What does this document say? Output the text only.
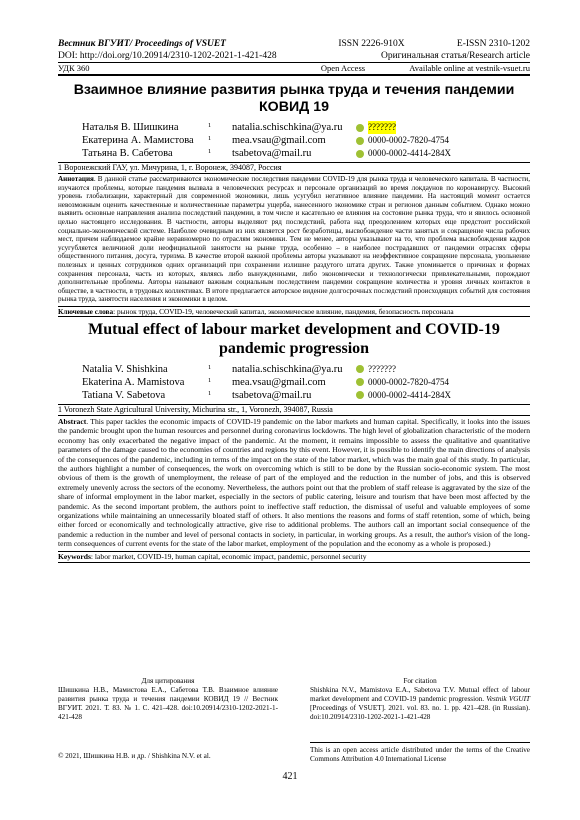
Вестник ВГУИТ/ Proceedings of VSUET	ISSN 2226-910X	E-ISSN 2310-1202
DOI: http://doi.org/10.20914/2310-1202-2021-1-421-428	Оригинальная статья/Research article
УДК 360	Open Access	Available online at vestnik-vsuet.ru
Взаимное влияние развития рынка труда и течения пандемии КОВИД 19
Наталья В. Шишкина	1	natalia.schischkina@ya.ru	???????
Екатерина А. Мамистова	1	mea.vsau@gmail.com	0000-0002-7820-4754
Татьяна В. Сабетова	1	tsabetova@mail.ru	0000-0002-4414-284X
1 Воронежский ГАУ, ул. Мичурина, 1, г. Воронеж, 394087, Россия
Аннотация. В данной статье рассматриваются экономические последствия пандемии COVID-19 для рынка труда и человеческого капитала. В частности, изучаются проблемы, которые пандемия вызвала в человеческих ресурсах и персонале организаций во время локдаунов по коронавирусу. Высокий уровень глобализации, характерный для современной экономики, лишь усугубил негативное влияние пандемии. На настоящий момент остается невозможным оценить качественные и количественные параметры ущерба, нанесенного экономике стран и регионов данным событием. Однако можно выявить основные направления анализа последствий пандемии, в том числе и касательно ее влияния на состояние рынка труда, что и явилось основной целью настоящего исследования. В частности, авторы выделяют ряд последствий, работа над преодолением которых еще предстоит российской социально-экономической системе. Наиболее очевидным из них является рост безработицы, высвобождение части занятых и сокращение числа рабочих мест, причем наблюдаемое крайне неравномерно по отраслям экономики. Тем не менее, авторы указывают на то, что проблема высвобождения кадров усугубляется величиной доли неофициальной занятости на рынке труда, особенно – в наиболее пострадавших от пандемии отраслях сферы общественного питания, досуга, туризма. В качестве второй важной проблемы авторы указывают на неэффективное сокращение персонала, увольнение полезных и ценных сотрудников одних организаций при сохранении излишне раздутого штата других. Также упоминается о причинах и формах сохранения персонала, часть из которых, являясь либо вынужденными, либо экономически и технологически привлекательными, порождают дополнительные проблемы. Авторы называют важным социальным последствием пандемии сокращение количества и уровня личных контактов в обществе, в частности, в трудовых коллективах. В итоге предлагается авторское видение долгосрочных последствий происходящих событий для состояния рынка труда, занятости населения и экономики в целом.
Ключевые слова: рынок труда, COVID-19, человеческий капитал, экономическое влияние, пандемия, безопасность персонала
Mutual effect of labour market development and COVID-19 pandemic progression
Natalia V. Shishkina	1	natalia.schischkina@ya.ru	???????
Ekaterina A. Mamistova	1	mea.vsau@gmail.com	0000-0002-7820-4754
Tatiana V. Sabetova	1	tsabetova@mail.ru	0000-0002-4414-284X
1 Voronezh State Agricultural University, Michurina str., 1, Voronezh, 394087, Russia
Abstract. This paper tackles the economic impacts of COVID-19 pandemic on the labor markets and human capital. Specifically, it looks into the issues the pandemic brought upon the human resources and personnel during coronavirus lockdowns. The high level of globalization characteristic of the modern economy has only exacerbated the negative impact of the pandemic. At the moment, it remains impossible to assess the qualitative and quantitative parameters of the damage caused to the economies of countries and regions by this event. However, it is possible to identify the main directions of analysis of the consequences of the pandemic, including in terms of the impact on the state of the labor market, which was the main goal of this study. In particular, the authors highlight a number of consequences, the work on overcoming which is still to be done by the Russian socio-economic system. The most obvious of them is the growth of unemployment, the release of part of the employed and the reduction in the number of jobs, and this is observed extremely unevenly across the sectors of the economy. Nevertheless, the authors point out that the problem of staff release is aggravated by the size of the share of informal employment in the labor market, especially in the sectors of public catering, leisure and tourism that have been most affected by the pandemic. As the second important problem, the authors point to ineffective staff reduction, the dismissal of useful and valuable employees of some organizations while maintaining an unnecessarily bloated staff of others. It also mentions the reasons and forms of staff retention, some of which, being either forced or economically and technologically attractive, give rise to additional problems. The authors call an important social consequence of the pandemic a reduction in the number and level of personal contacts in society, in particular, in working groups. As a result, the author's vision of the long-term consequences of current events for the state of the labor market, employment of the population and the economy as a whole is proposed.)
Keywords: labor market, COVID-19, human capital, economic impact, pandemic, personnel security
Для цитирования
Шишкина Н.В., Мамистова Е.А., Сабетова Т.В. Взаимное влияние развития рынка труда и течения пандемии КОВИД 19 // Вестник ВГУИТ. 2021. Т. 83. № 1. С. 421–428. doi:10.20914/2310-1202-2021-1-421-428
For citation
Shishkina N.V., Mamistova E.A., Sabetova T.V. Mutual effect of labour market development and COVID-19 pandemic progression. Vestnik VGUIT [Proceedings of VSUET]. 2021. vol. 83. no. 1. pp. 421–428. (in Russian). doi:10.20914/2310-1202-2021-1-421-428
© 2021, Шишкина Н.В. и др. / Shishkina N.V. et al.
This is an open access article distributed under the terms of the Creative Commons Attribution 4.0 International License
421
